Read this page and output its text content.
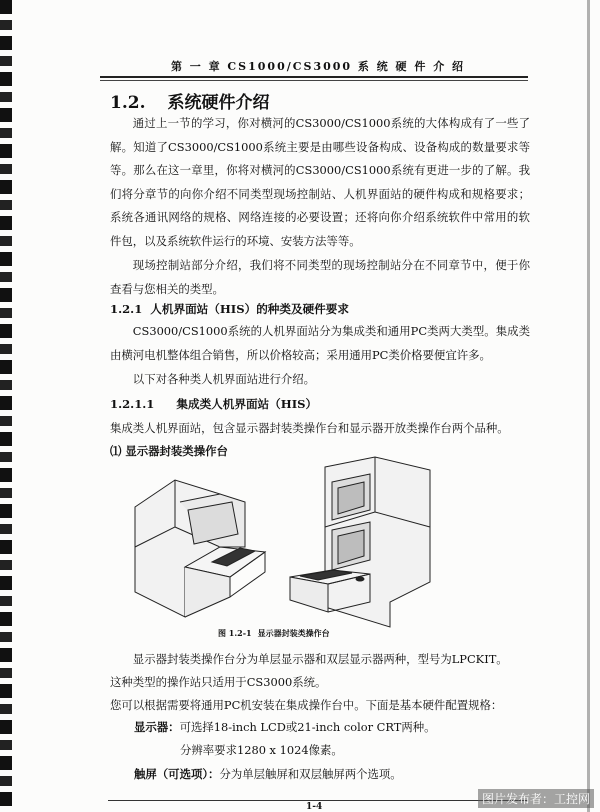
第 一 章 CS1000/CS3000 系 统 硬 件 介 绍
1.2. 系统硬件介绍
通过上一节的学习，你对横河的CS3000/CS1000系统的大体构成有了一些了解。知道了CS3000/CS1000系统主要是由哪些设备构成、设备构成的数量要求等等。那么在这一章里，你将对横河的CS3000/CS1000系统有更进一步的了解。我们将分章节的向你介绍不同类型现场控制站、人机界面站的硬件构成和规格要求；系统各通讯网络的规格、网络连接的必要设置；还将向你介绍系统软件中常用的软件包，以及系统软件运行的环境、安装方法等等。
现场控制站部分介绍，我们将不同类型的现场控制站分在不同章节中，便于你查看与您相关的类型。
1.2.1 人机界面站（HIS）的种类及硬件要求
CS3000/CS1000系统的人机界面站分为集成类和通用PC类两大类型。集成类由横河电机整体组合销售，所以价格较高；采用通用PC类价格要便宜许多。
以下对各种类人机界面站进行介绍。
1.2.1.1 集成类人机界面站（HIS）
集成类人机界面站，包含显示器封装类操作台和显示器开放类操作台两个品种。
⑴ 显示器封装类操作台
图 1.2-1 显示器封装类操作台
显示器封装类操作台分为单层显示器和双层显示器两种，型号为LPCKIT。
这种类型的操作站只适用于CS3000系统。
您可以根据需要将通用PC机安装在集成操作台中。下面是基本硬件配置规格：
显示器：可选择18-inch LCD或21-inch color CRT两种。
分辨率要求1280 x 1024像素。
触屏（可选项）：分为单层触屏和双层触屏两个选项。
1-4
图片发布者：工控网
